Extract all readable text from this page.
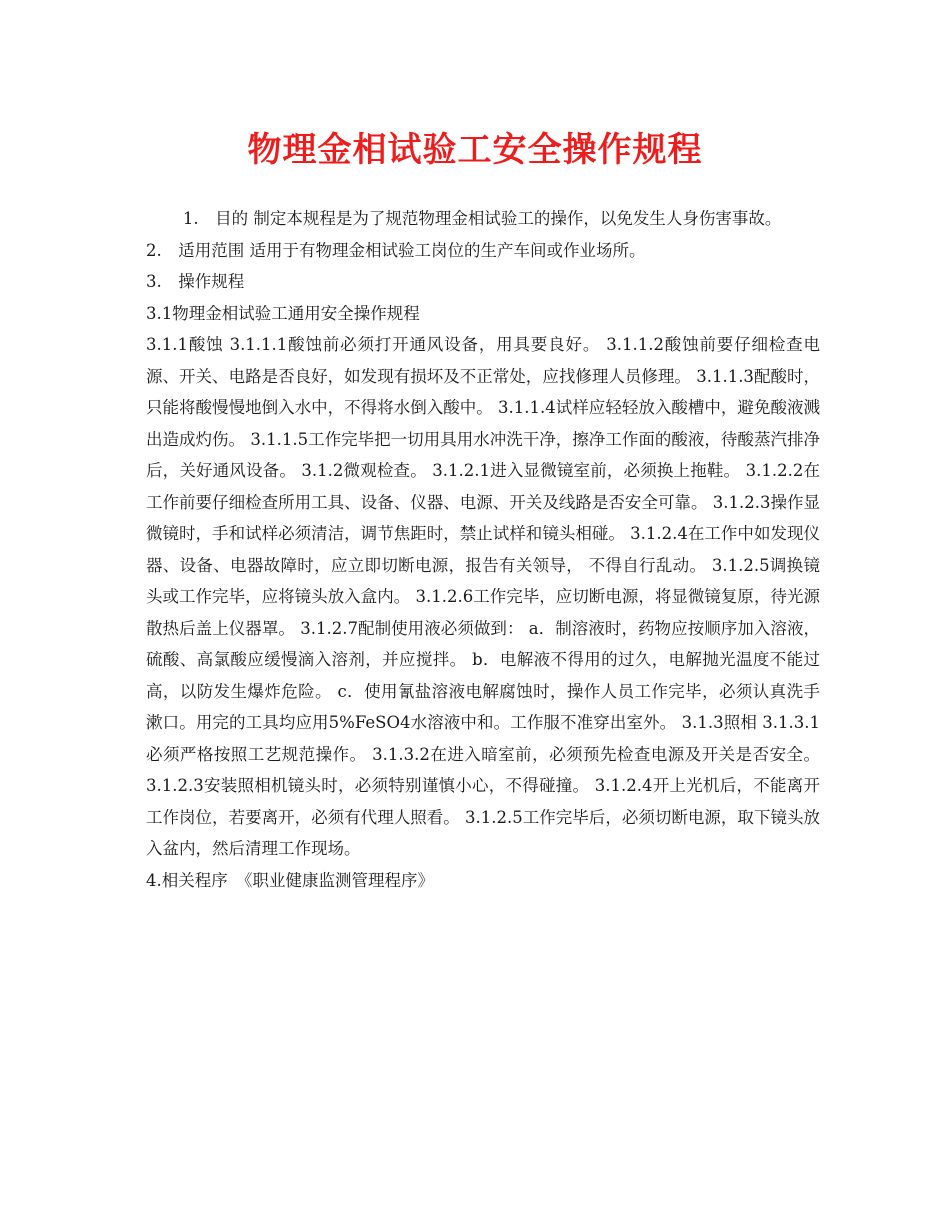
物理金相试验工安全操作规程

1.　目的 制定本规程是为了规范物理金相试验工的操作，以免发生人身伤害事故。

2.　适用范围 适用于有物理金相试验工岗位的生产车间或作业场所。

3.　操作规程

3.1物理金相试验工通用安全操作规程

3.1.1酸蚀 3.1.1.1酸蚀前必须打开通风设备，用具要良好。 3.1.1.2酸蚀前要仔细检查电源、开关、电路是否良好，如发现有损坏及不正常处，应找修理人员修理。 3.1.1.3配酸时，只能将酸慢慢地倒入水中，不得将水倒入酸中。 3.1.1.4试样应轻轻放入酸槽中，避免酸液溅出造成灼伤。 3.1.1.5工作完毕把一切用具用水冲洗干净，擦净工作面的酸液，待酸蒸汽排净后，关好通风设备。 3.1.2微观检查。 3.1.2.1进入显微镜室前，必须换上拖鞋。 3.1.2.2在工作前要仔细检查所用工具、设备、仪器、电源、开关及线路是否安全可靠。 3.1.2.3操作显微镜时，手和试样必须清洁，调节焦距时，禁止试样和镜头相碰。 3.1.2.4在工作中如发现仪器、设备、电器故障时，应立即切断电源，报告有关领导， 不得自行乱动。 3.1.2.5调换镜头或工作完毕，应将镜头放入盒内。 3.1.2.6工作完毕，应切断电源，将显微镜复原，待光源散热后盖上仪器罩。 3.1.2.7配制使用液必须做到： a．制溶液时，药物应按顺序加入溶液，硫酸、高氯酸应缓慢滴入溶剂，并应搅拌。 b．电解液不得用的过久，电解抛光温度不能过高，以防发生爆炸危险。 c．使用氰盐溶液电解腐蚀时，操作人员工作完毕，必须认真洗手漱口。用完的工具均应用5%FeSO4水溶液中和。工作服不准穿出室外。 3.1.3照相 3.1.3.1必须严格按照工艺规范操作。 3.1.3.2在进入暗室前，必须预先检查电源及开关是否安全。 3.1.2.3安装照相机镜头时，必须特别谨慎小心，不得碰撞。 3.1.2.4开上光机后，不能离开工作岗位，若要离开，必须有代理人照看。 3.1.2.5工作完毕后，必须切断电源，取下镜头放入盆内，然后清理工作现场。

4.相关程序　《职业健康监测管理程序》
